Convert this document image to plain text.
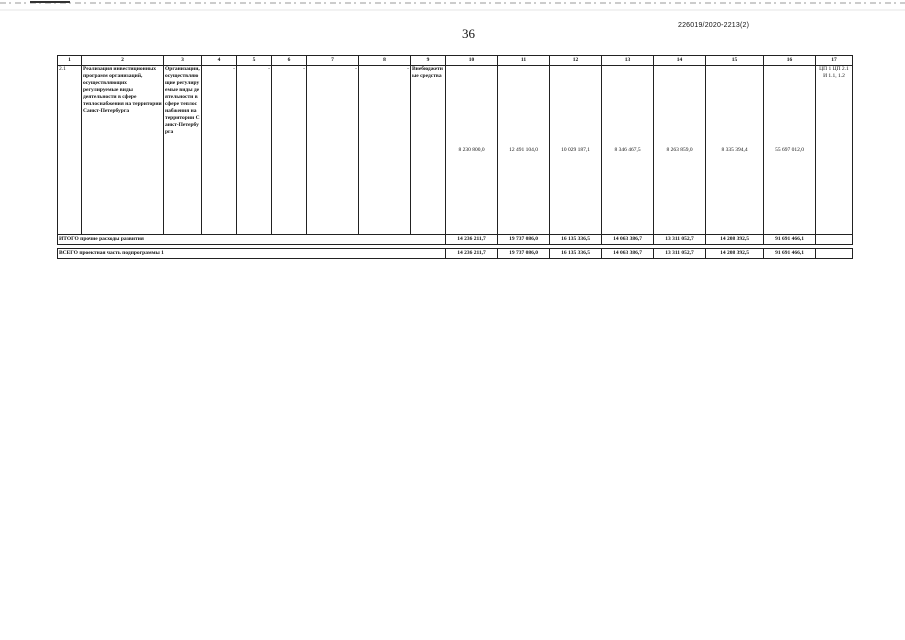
36
226019/2020-2213(2)
1	2	3	4	5	6	7	8	9	10	11	12	13	14	15	16	17
2.1	Реализация инвестиционных программ организаций, осуществляющих регулируемые виды деятельности в сфере теплоснабжения на территории Санкт-Петербурга	Организации, осуществляющие регулируемые виды деятельности в сфере теплоснабжения на территории Санкт-Петербурга	-	-	-	-	-	Внебюджетные средства	8 230 800,0	12 491 104,0	10 029 187,1	8 346 467,5	8 263 859,0	8 335 394,4	55 697 012,0	ЦП 1 ЦП 2.1 И 1.1, 1.2
ИТОГО прочие расходы развития									14 236 211,7	19 737 086,0	16 135 336,5	14 063 386,7	13 311 052,7	14 208 392,5	91 691 466,1	

ВСЕГО проектная часть подпрограммы 1									14 236 211,7	19 737 086,0	16 135 336,5	14 063 386,7	13 311 052,7	14 208 392,5	91 691 466,1	
